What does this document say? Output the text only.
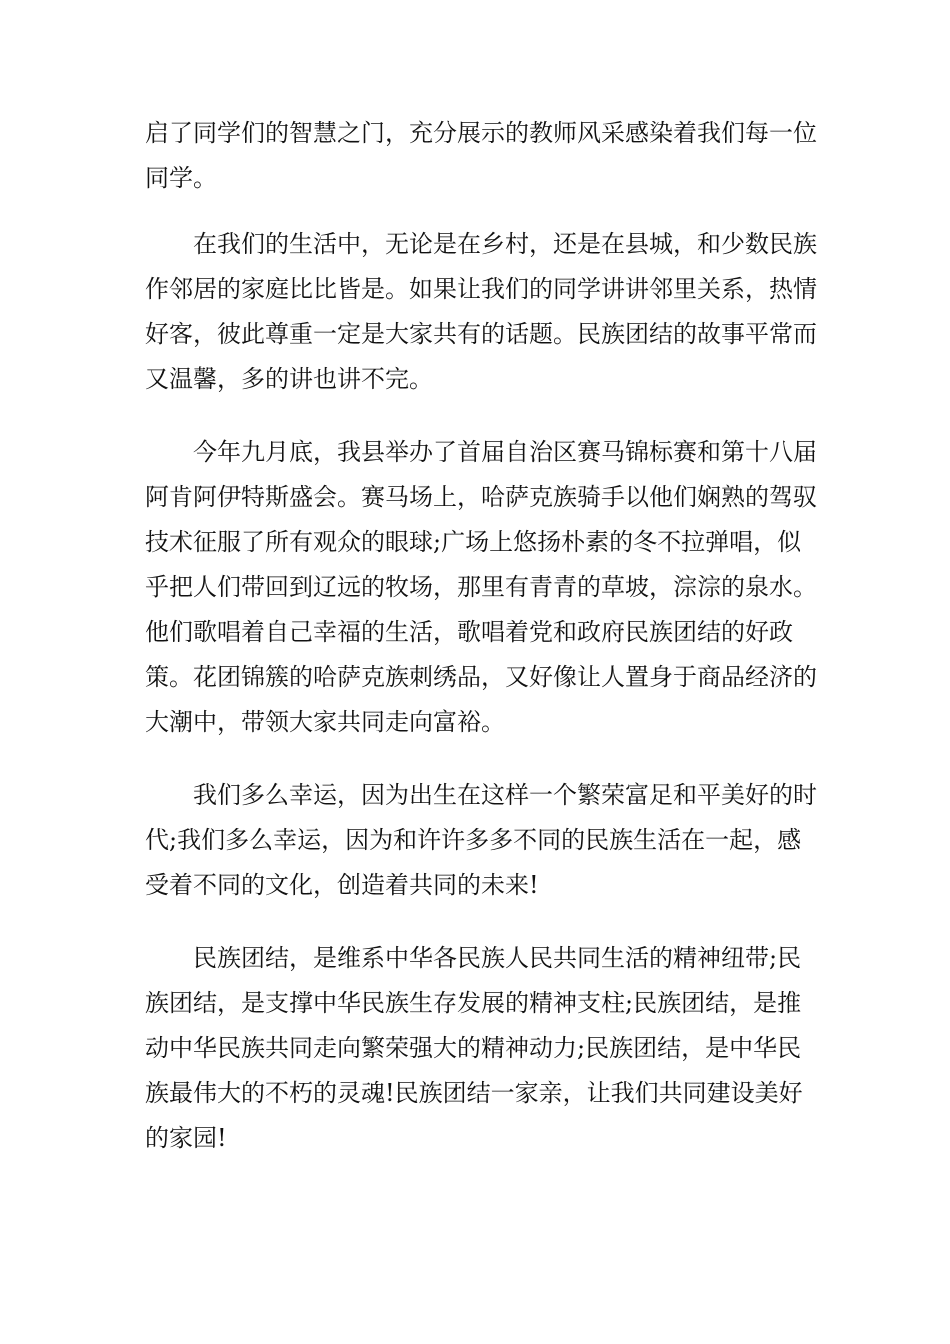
启了同学们的智慧之门，充分展示的教师风采感染着我们每一位
同学。
在我们的生活中，无论是在乡村，还是在县城，和少数民族
作邻居的家庭比比皆是。如果让我们的同学讲讲邻里关系，热情
好客，彼此尊重一定是大家共有的话题。民族团结的故事平常而
又温馨，多的讲也讲不完。
今年九月底，我县举办了首届自治区赛马锦标赛和第十八届
阿肯阿伊特斯盛会。赛马场上，哈萨克族骑手以他们娴熟的驾驭
技术征服了所有观众的眼球;广场上悠扬朴素的冬不拉弹唱，似
乎把人们带回到辽远的牧场，那里有青青的草坡，淙淙的泉水。
他们歌唱着自己幸福的生活，歌唱着党和政府民族团结的好政
策。花团锦簇的哈萨克族刺绣品，又好像让人置身于商品经济的
大潮中，带领大家共同走向富裕。
我们多么幸运，因为出生在这样一个繁荣富足和平美好的时
代;我们多么幸运，因为和许许多多不同的民族生活在一起，感
受着不同的文化，创造着共同的未来!
民族团结，是维系中华各民族人民共同生活的精神纽带;民
族团结，是支撑中华民族生存发展的精神支柱;民族团结，是推
动中华民族共同走向繁荣强大的精神动力;民族团结，是中华民
族最伟大的不朽的灵魂!民族团结一家亲，让我们共同建设美好
的家园!
